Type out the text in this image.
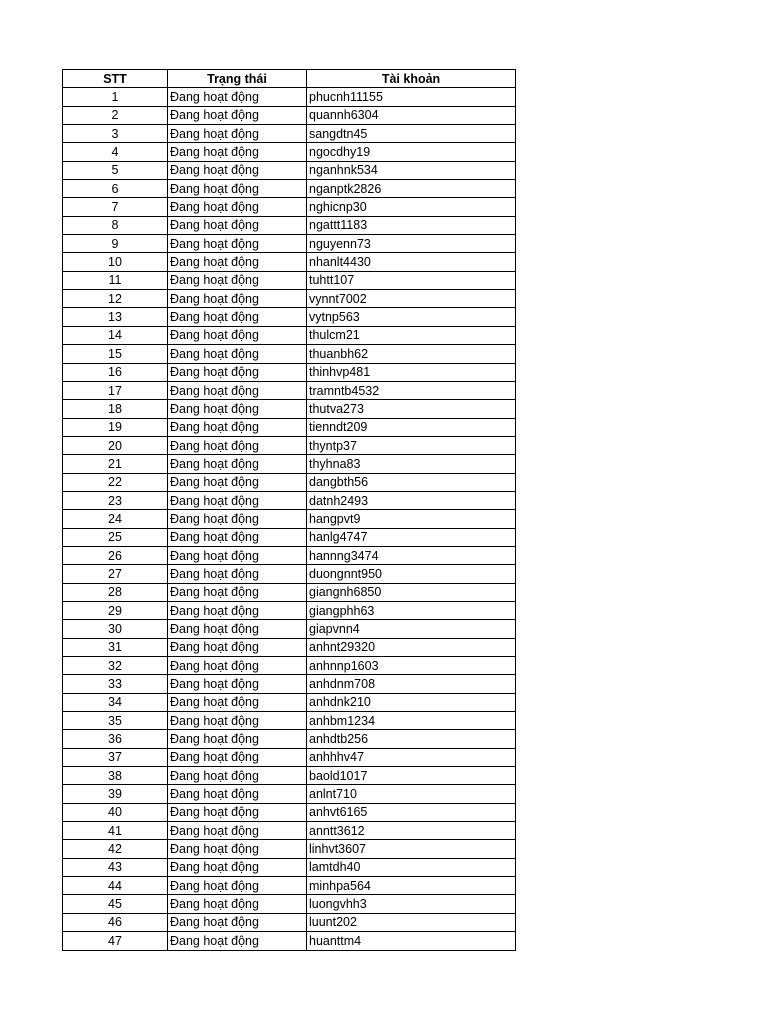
STT	Trạng thái	Tài khoản
1	Đang hoạt động	phucnh11155
2	Đang hoạt động	quannh6304
3	Đang hoạt động	sangdtn45
4	Đang hoạt động	ngocdhy19
5	Đang hoạt động	nganhnk534
6	Đang hoạt động	nganptk2826
7	Đang hoạt động	nghicnp30
8	Đang hoạt động	ngattt1183
9	Đang hoạt động	nguyenn73
10	Đang hoạt động	nhanlt4430
11	Đang hoạt động	tuhtt107
12	Đang hoạt động	vynnt7002
13	Đang hoạt động	vytnp563
14	Đang hoạt động	thulcm21
15	Đang hoạt động	thuanbh62
16	Đang hoạt động	thinhvp481
17	Đang hoạt động	tramntb4532
18	Đang hoạt động	thutva273
19	Đang hoạt động	tienndt209
20	Đang hoạt động	thyntp37
21	Đang hoạt động	thyhna83
22	Đang hoạt động	dangbth56
23	Đang hoạt động	datnh2493
24	Đang hoạt động	hangpvt9
25	Đang hoạt động	hanlg4747
26	Đang hoạt động	hannng3474
27	Đang hoạt động	duongnnt950
28	Đang hoạt động	giangnh6850
29	Đang hoạt động	giangphh63
30	Đang hoạt động	giapvnn4
31	Đang hoạt động	anhnt29320
32	Đang hoạt động	anhnnp1603
33	Đang hoạt động	anhdnm708
34	Đang hoạt động	anhdnk210
35	Đang hoạt động	anhbm1234
36	Đang hoạt động	anhdtb256
37	Đang hoạt động	anhhhv47
38	Đang hoạt động	baold1017
39	Đang hoạt động	anlnt710
40	Đang hoạt động	anhvt6165
41	Đang hoạt động	anntt3612
42	Đang hoạt động	linhvt3607
43	Đang hoạt động	lamtdh40
44	Đang hoạt động	minhpa564
45	Đang hoạt động	luongvhh3
46	Đang hoạt động	luunt202
47	Đang hoạt động	huanttm4
